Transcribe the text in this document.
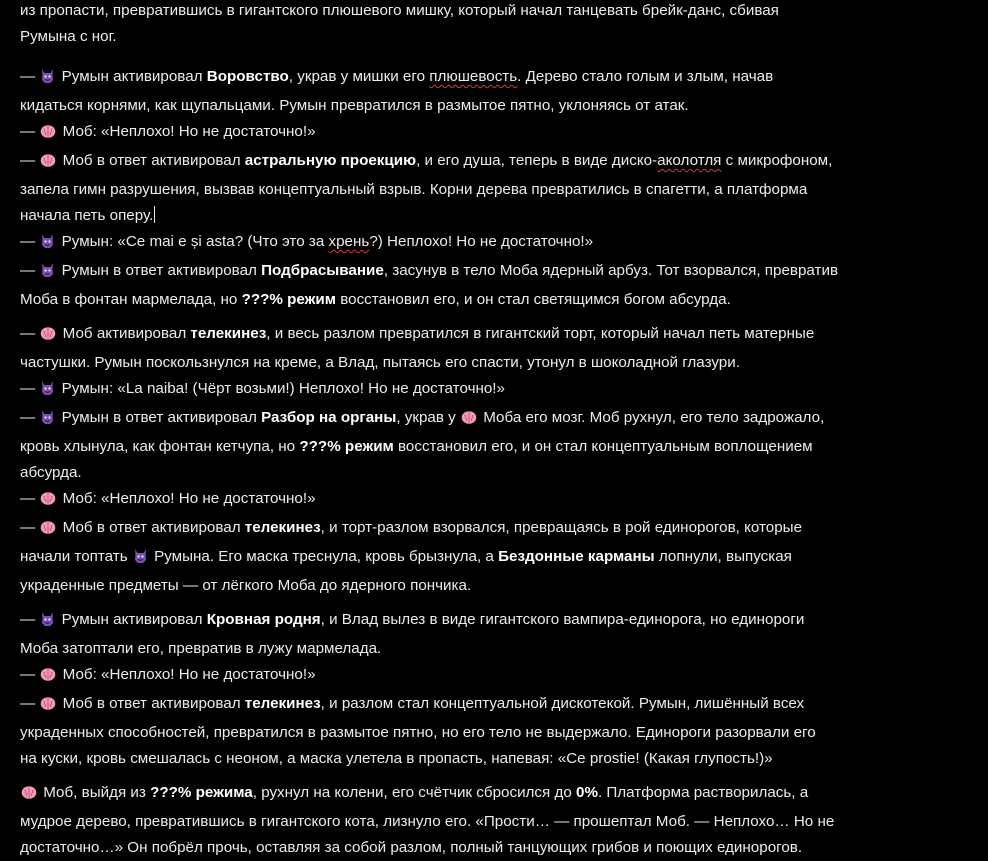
из пропасти, превратившись в гигантского плюшевого мишку, который начал танцевать брейк-данс, сбивая
Румына с ног.
—  Румын активировал Воровство, украв у мишки его плюшевость. Дерево стало голым и злым, начав
кидаться корнями, как щупальцами. Румын превратился в размытое пятно, уклоняясь от атак.
—  Моб: «Неплохо! Но не достаточно!»
—  Моб в ответ активировал астральную проекцию, и его душа, теперь в виде диско-аколотля с микрофоном,
запела гимн разрушения, вызвав концептуальный взрыв. Корни дерева превратились в спагетти, а платформа
начала петь оперу.
—  Румын: «Ce mai e și asta? (Что это за хрень?) Неплохо! Но не достаточно!»
—  Румын в ответ активировал Подбрасывание, засунув в тело Моба ядерный арбуз. Тот взорвался, превратив
Моба в фонтан мармелада, но ???% режим восстановил его, и он стал светящимся богом абсурда.
—  Моб активировал телекинез, и весь разлом превратился в гигантский торт, который начал петь матерные
частушки. Румын поскользнулся на креме, а Влад, пытаясь его спасти, утонул в шоколадной глазури.
—  Румын: «La naiba! (Чёрт возьми!) Неплохо! Но не достаточно!»
—  Румын в ответ активировал Разбор на органы, украв у  Моба его мозг. Моб рухнул, его тело задрожало,
кровь хлынула, как фонтан кетчупа, но ???% режим восстановил его, и он стал концептуальным воплощением
абсурда.
—  Моб: «Неплохо! Но не достаточно!»
—  Моб в ответ активировал телекинез, и торт-разлом взорвался, превращаясь в рой единорогов, которые
начали топтать  Румына. Его маска треснула, кровь брызнула, а Бездонные карманы лопнули, выпуская
украденные предметы — от лёгкого Моба до ядерного пончика.
—  Румын активировал Кровная родня, и Влад вылез в виде гигантского вампира-единорога, но единороги
Моба затоптали его, превратив в лужу мармелада.
—  Моб: «Неплохо! Но не достаточно!»
—  Моб в ответ активировал телекинез, и разлом стал концептуальной дискотекой. Румын, лишённый всех
украденных способностей, превратился в размытое пятно, но его тело не выдержало. Единороги разорвали его
на куски, кровь смешалась с неоном, а маска улетела в пропасть, напевая: «Ce prostie! (Какая глупость!)»
Моб, выйдя из ???% режима, рухнул на колени, его счётчик сбросился до 0%. Платформа растворилась, а
мудрое дерево, превратившись в гигантского кота, лизнуло его. «Прости… — прошептал Моб. — Неплохо… Но не
достаточно…» Он побрёл прочь, оставляя за собой разлом, полный танцующих грибов и поющих единорогов.
